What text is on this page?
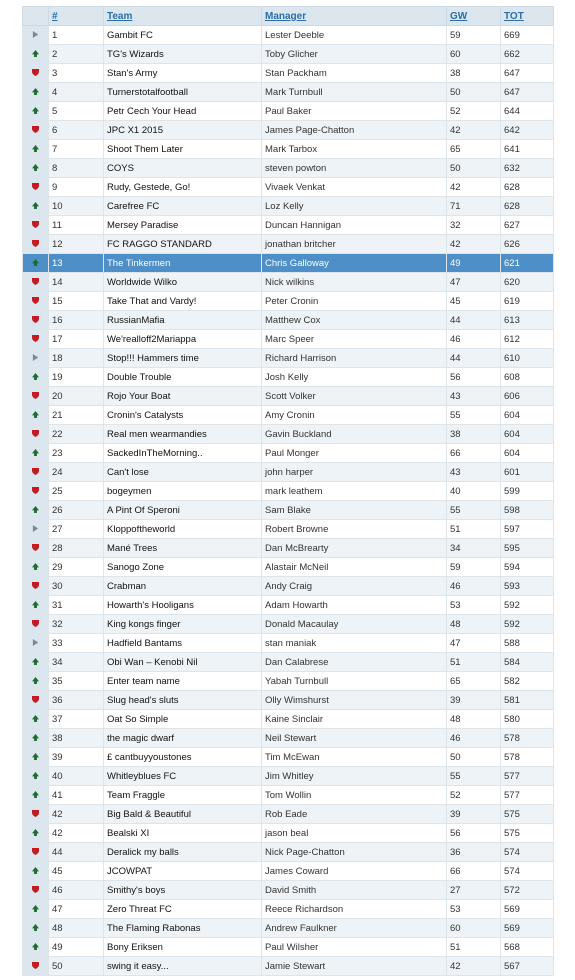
	#	Team	Manager	GW	TOT
	1	Gambit FC	Lester Deeble	59	669
	2	TG's Wizards	Toby Glicher	60	662
	3	Stan's Army	Stan Packham	38	647
	4	Turnerstotalfootball	Mark Turnbull	50	647
	5	Petr Cech Your Head	Paul Baker	52	644
	6	JPC X1 2015	James Page-Chatton	42	642
	7	Shoot Them Later	Mark Tarbox	65	641
	8	COYS	steven powton	50	632
	9	Rudy, Gestede, Go!	Vivaek Venkat	42	628
	10	Carefree FC	Loz Kelly	71	628
	11	Mersey Paradise	Duncan Hannigan	32	627
	12	FC RAGGO STANDARD	jonathan britcher	42	626
	13	The Tinkermen	Chris Galloway	49	621
	14	Worldwide Wilko	Nick wilkins	47	620
	15	Take That and Vardy!	Peter Cronin	45	619
	16	RussianMafia	Matthew Cox	44	613
	17	We'realloff2Mariappa	Marc Speer	46	612
	18	Stop!!! Hammers time	Richard Harrison	44	610
	19	Double Trouble	Josh Kelly	56	608
	20	Rojo Your Boat	Scott Volker	43	606
	21	Cronin's Catalysts	Amy Cronin	55	604
	22	Real men wearmandies	Gavin Buckland	38	604
	23	SackedInTheMorning..	Paul Monger	66	604
	24	Can't lose	john harper	43	601
	25	bogeymen	mark leathem	40	599
	26	A Pint Of Speroni	Sam Blake	55	598
	27	Kloppoftheworld	Robert Browne	51	597
	28	Mané Trees	Dan McBrearty	34	595
	29	Sanogo Zone	Alastair McNeil	59	594
	30	Crabman	Andy Craig	46	593
	31	Howarth's Hooligans	Adam Howarth	53	592
	32	King kongs finger	Donald Macaulay	48	592
	33	Hadfield Bantams	stan maniak	47	588
	34	Obi Wan – Kenobi Nil	Dan Calabrese	51	584
	35	Enter team name	Yabah Turnbull	65	582
	36	Slug head's sluts	Olly Wimshurst	39	581
	37	Oat So Simple	Kaine Sinclair	48	580
	38	the magic dwarf	Neil Stewart	46	578
	39	£ cantbuyyoustones	Tim McEwan	50	578
	40	Whitleyblues FC	Jim Whitley	55	577
	41	Team Fraggle	Tom Wollin	52	577
	42	Big Bald & Beautiful	Rob Eade	39	575
	42	Bealski XI	jason beal	56	575
	44	Deralick my balls	Nick Page-Chatton	36	574
	45	JCOWPAT	James Coward	66	574
	46	Smithy's boys	David Smith	27	572
	47	Zero Threat FC	Reece Richardson	53	569
	48	The Flaming Rabonas	Andrew Faulkner	60	569
	49	Bony Eriksen	Paul Wilsher	51	568
	50	swing it easy...	Jamie Stewart	42	567
